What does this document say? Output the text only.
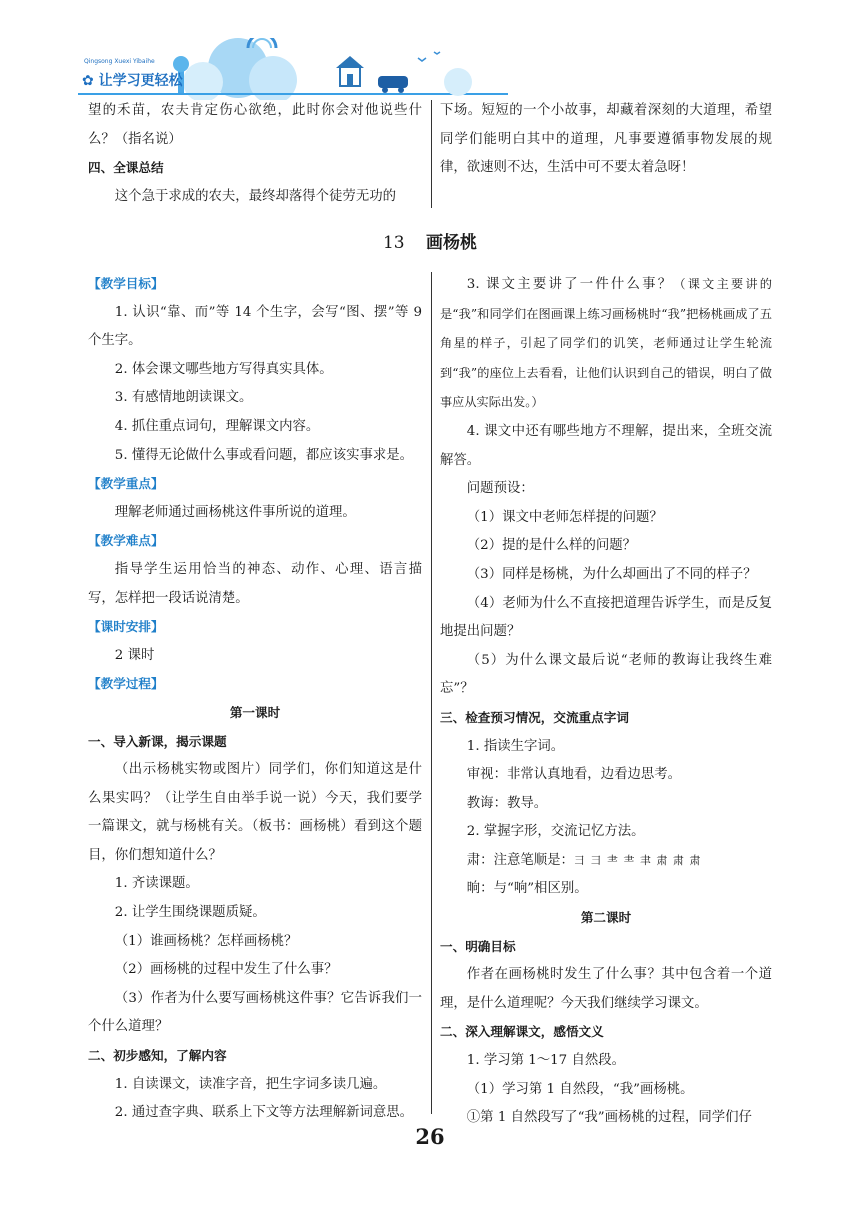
✿ 让学习更轻松
Qingsong Xuexi Yibaihe

望的禾苗，农夫肯定伤心欲绝，此时你会对他说些什么？（指名说）

四、全课总结

这个急于求成的农夫，最终却落得个徒劳无功的

下场。短短的一个小故事，却藏着深刻的大道理，希望同学们能明白其中的道理，凡事要遵循事物发展的规律，欲速则不达，生活中可不要太着急呀！

13 画杨桃

【教学目标】

1. 认识“靠、而”等 14 个生字，会写“图、摆”等 9 个生字。

2. 体会课文哪些地方写得真实具体。

3. 有感情地朗读课文。

4. 抓住重点词句，理解课文内容。

5. 懂得无论做什么事或看问题，都应该实事求是。

【教学重点】

理解老师通过画杨桃这件事所说的道理。

【教学难点】

指导学生运用恰当的神态、动作、心理、语言描写，怎样把一段话说清楚。

【课时安排】

2 课时

【教学过程】

第一课时

一、导入新课，揭示课题

（出示杨桃实物或图片）同学们，你们知道这是什么果实吗？（让学生自由举手说一说）今天，我们要学一篇课文，就与杨桃有关。（板书：画杨桃）看到这个题目，你们想知道什么？

1. 齐读课题。

2. 让学生围绕课题质疑。

（1）谁画杨桃？怎样画杨桃？

（2）画杨桃的过程中发生了什么事？

（3）作者为什么要写画杨桃这件事？它告诉我们一个什么道理？

二、初步感知，了解内容

1. 自读课文，读准字音，把生字词多读几遍。

2. 通过查字典、联系上下文等方法理解新词意思。

3. 课文主要讲了一件什么事？（课文主要讲的是“我”和同学们在图画课上练习画杨桃时“我”把杨桃画成了五角星的样子，引起了同学们的讥笑，老师通过让学生轮流到“我”的座位上去看看，让他们认识到自己的错误，明白了做事应从实际出发。）

4. 课文中还有哪些地方不理解，提出来，全班交流解答。

问题预设：

（1）课文中老师怎样提的问题？

（2）提的是什么样的问题？

（3）同样是杨桃，为什么却画出了不同的样子？

（4）老师为什么不直接把道理告诉学生，而是反复地提出问题？

（5）为什么课文最后说“老师的教诲让我终生难忘”？

三、检查预习情况，交流重点字词

1. 指读生字词。

审视：非常认真地看，边看边思考。

教诲：教导。

2. 掌握字形，交流记忆方法。

肃：注意笔顺是：⺕ ⺕ ⺻ ⺻ 聿 肃 肃 肃

晌：与“响”相区别。

第二课时

一、明确目标

作者在画杨桃时发生了什么事？其中包含着一个道理，是什么道理呢？今天我们继续学习课文。

二、深入理解课文，感悟文义

1. 学习第 1～17 自然段。

（1）学习第 1 自然段，“我”画杨桃。

①第 1 自然段写了“我”画杨桃的过程，同学们仔

26
